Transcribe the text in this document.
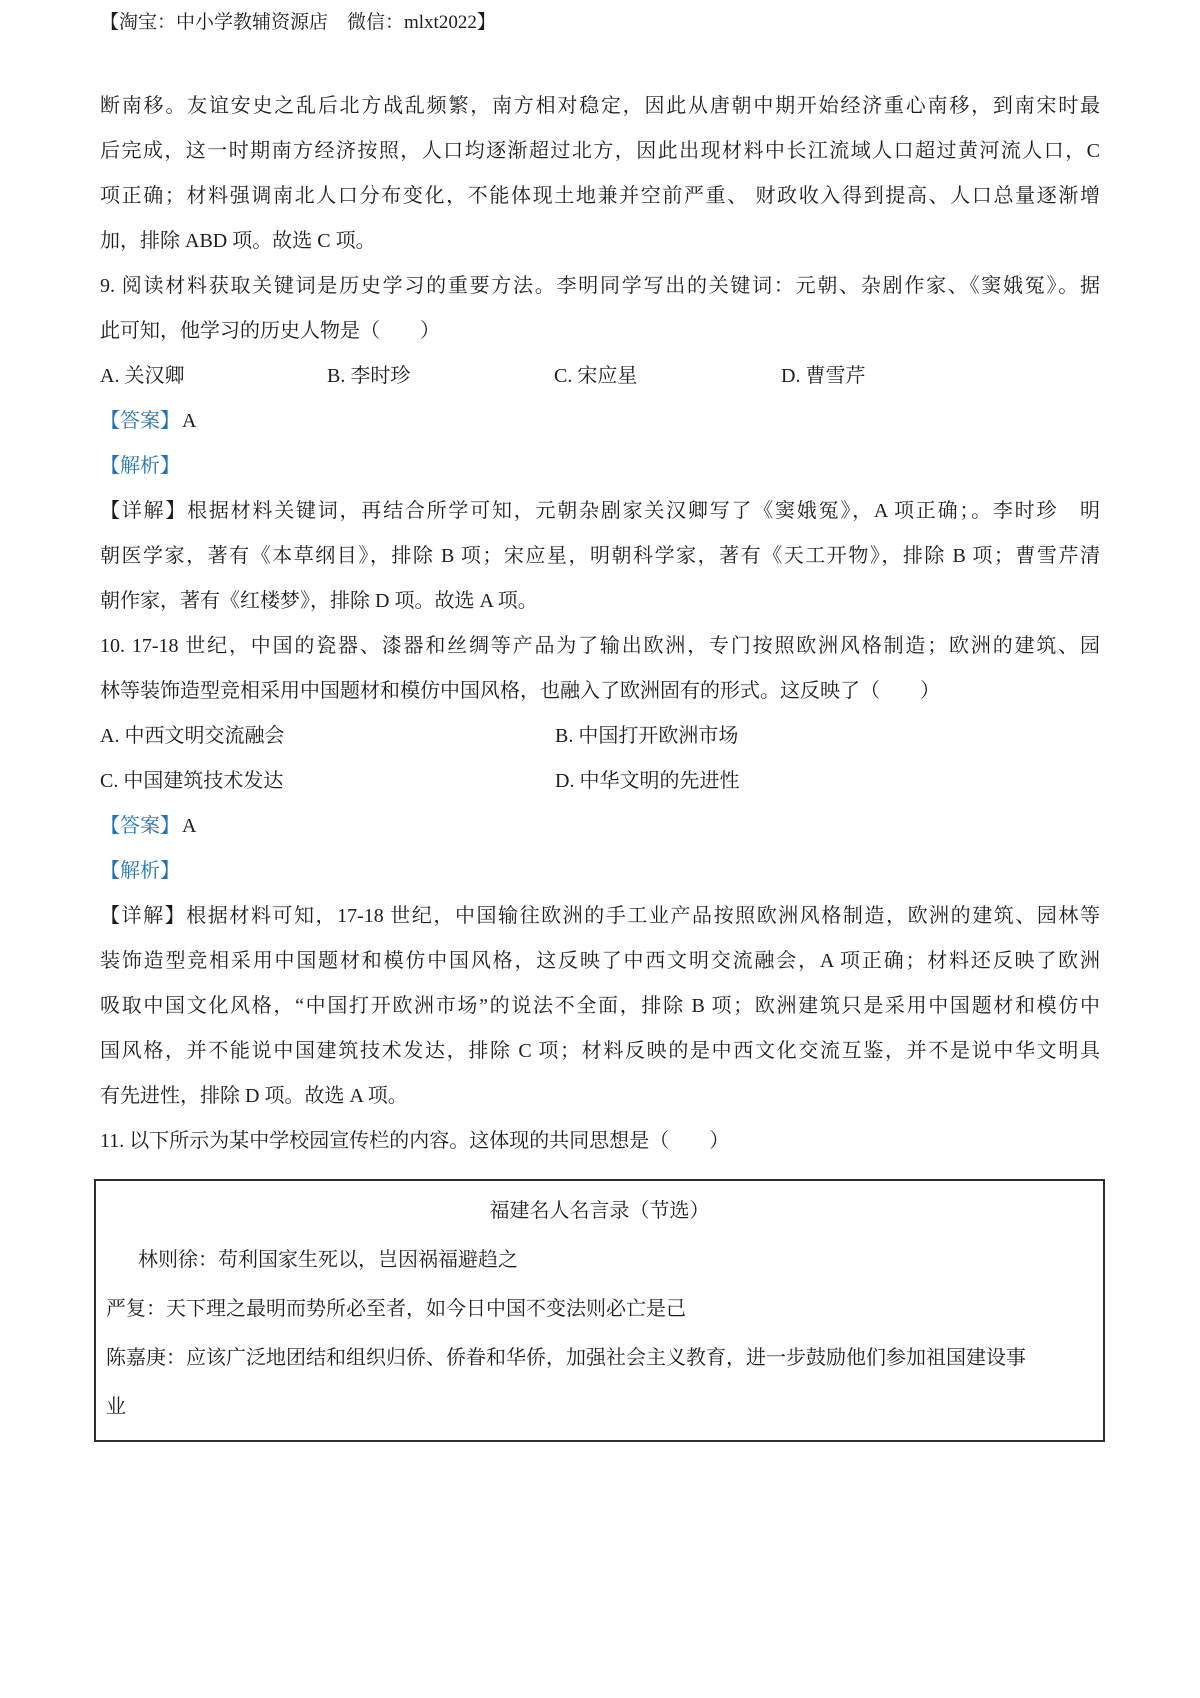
【淘宝：中小学教辅资源店　微信：mlxt2022】
断南移。友谊安史之乱后北方战乱频繁，南方相对稳定，因此从唐朝中期开始经济重心南移，到南宋时最
后完成，这一时期南方经济按照，人口均逐渐超过北方，因此出现材料中长江流域人口超过黄河流人口，C
项正确；材料强调南北人口分布变化，不能体现土地兼并空前严重、 财政收入得到提高、人口总量逐渐增
加，排除 ABD 项。故选 C 项。
9. 阅读材料获取关键词是历史学习的重要方法。李明同学写出的关键词：元朝、杂剧作家、《窦娥冤》。据
此可知，他学习的历史人物是（　　）
A. 关汉卿	B. 李时珍	C. 宋应星	D. 曹雪芹
【答案】 A
【解析】
【详解】根据材料关键词，再结合所学可知，元朝杂剧家关汉卿写了《窦娥冤》，A 项正确；。李时珍　明
朝医学家，著有《本草纲目》，排除 B 项；宋应星，明朝科学家，著有《天工开物》，排除 B 项；曹雪芹清
朝作家，著有《红楼梦》，排除 D 项。故选 A 项。
10. 17-18 世纪，中国的瓷器、漆器和丝绸等产品为了输出欧洲，专门按照欧洲风格制造；欧洲的建筑、园
林等装饰造型竞相采用中国题材和模仿中国风格，也融入了欧洲固有的形式。这反映了（　　）
A. 中西文明交流融会	B. 中国打开欧洲市场
C. 中国建筑技术发达	D. 中华文明的先进性
【答案】 A
【解析】
【详解】根据材料可知，17-18 世纪，中国输往欧洲的手工业产品按照欧洲风格制造，欧洲的建筑、园林等
装饰造型竞相采用中国题材和模仿中国风格，这反映了中西文明交流融会，A 项正确；材料还反映了欧洲
吸取中国文化风格，“中国打开欧洲市场”的说法不全面，排除 B 项；欧洲建筑只是采用中国题材和模仿中
国风格，并不能说中国建筑技术发达，排除 C 项；材料反映的是中西文化交流互鉴，并不是说中华文明具
有先进性，排除 D 项。故选 A 项。
11. 以下所示为某中学校园宣传栏的内容。这体现的共同思想是（　　）
福建名人名言录（节选）
林则徐：苟利国家生死以，岂因祸福避趋之
严复：天下理之最明而势所必至者，如今日中国不变法则必亡是己
陈嘉庚：应该广泛地团结和组织归侨、侨眷和华侨，加强社会主义教育，进一步鼓励他们参加祖国建设事
业
